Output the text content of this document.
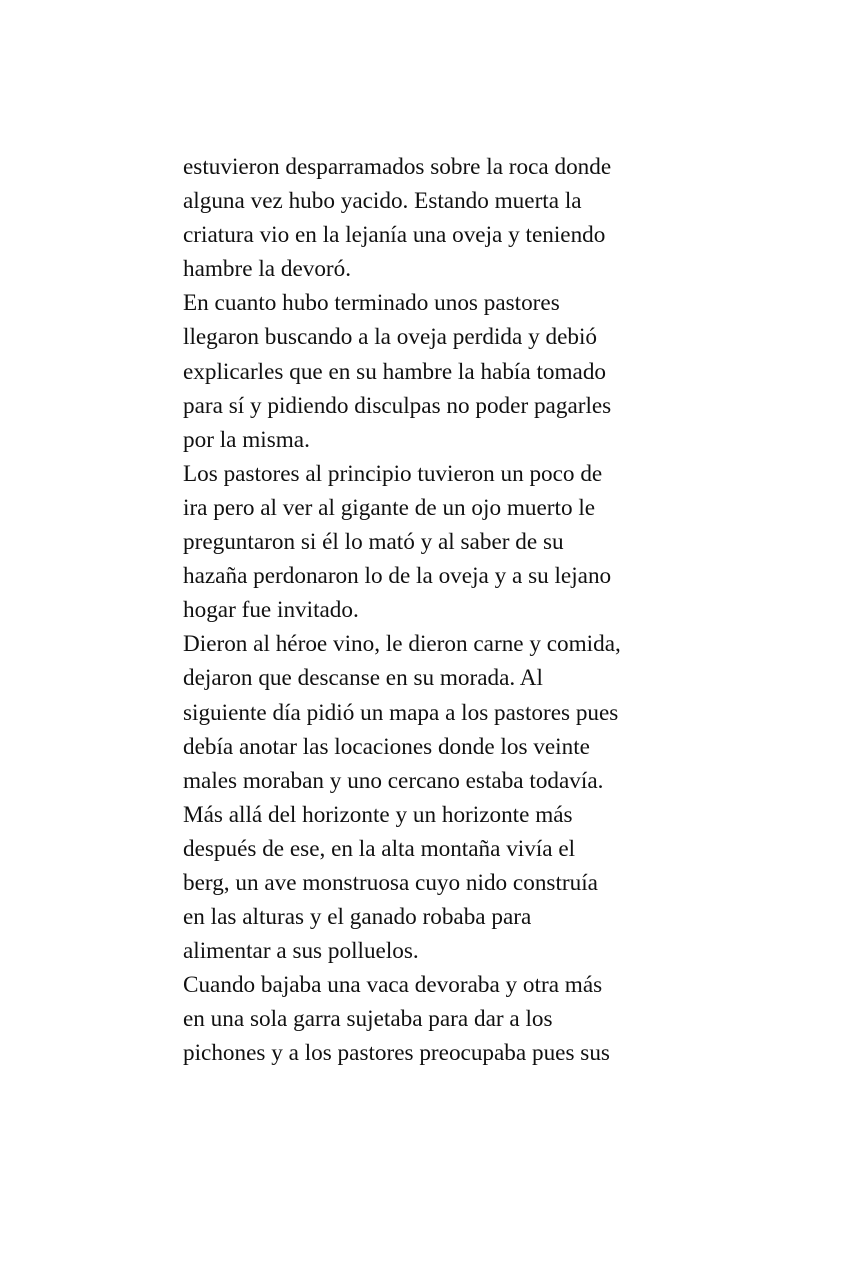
estuvieron desparramados sobre la roca donde
alguna vez hubo yacido. Estando muerta la
criatura vio en la lejanía una oveja y teniendo
hambre la devoró.
En cuanto hubo terminado unos pastores
llegaron buscando a la oveja perdida y debió
explicarles que en su hambre la había tomado
para sí y pidiendo disculpas no poder pagarles
por la misma.
Los pastores al principio tuvieron un poco de
ira pero al ver al gigante de un ojo muerto le
preguntaron si él lo mató y al saber de su
hazaña perdonaron lo de la oveja y a su lejano
hogar fue invitado.
Dieron al héroe vino, le dieron carne y comida,
dejaron que descanse en su morada. Al
siguiente día pidió un mapa a los pastores pues
debía anotar las locaciones donde los veinte
males moraban y uno cercano estaba todavía.
Más allá del horizonte y un horizonte más
después de ese, en la alta montaña vivía el
berg, un ave monstruosa cuyo nido construía
en las alturas y el ganado robaba para
alimentar a sus polluelos.
Cuando bajaba una vaca devoraba y otra más
en una sola garra sujetaba para dar a los
pichones y a los pastores preocupaba pues sus
